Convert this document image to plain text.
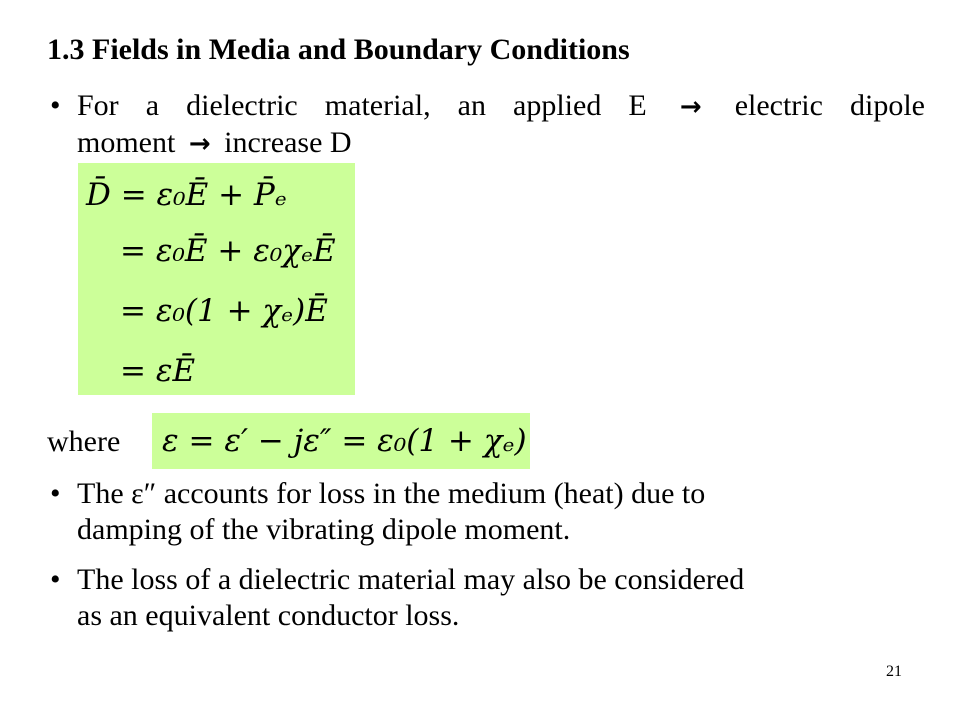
1.3 Fields in Media and Boundary Conditions
• For a dielectric material, an applied E → electric dipole
moment → increase D
D̄ = ε₀Ē + P̄ₑ
= ε₀Ē + ε₀χₑĒ
= ε₀(1 + χₑ)Ē
= εĒ
where ε = ε′ − jε″ = ε₀(1 + χₑ)
• The ε″ accounts for loss in the medium (heat) due to
damping of the vibrating dipole moment.
• The loss of a dielectric material may also be considered
as an equivalent conductor loss.
21
